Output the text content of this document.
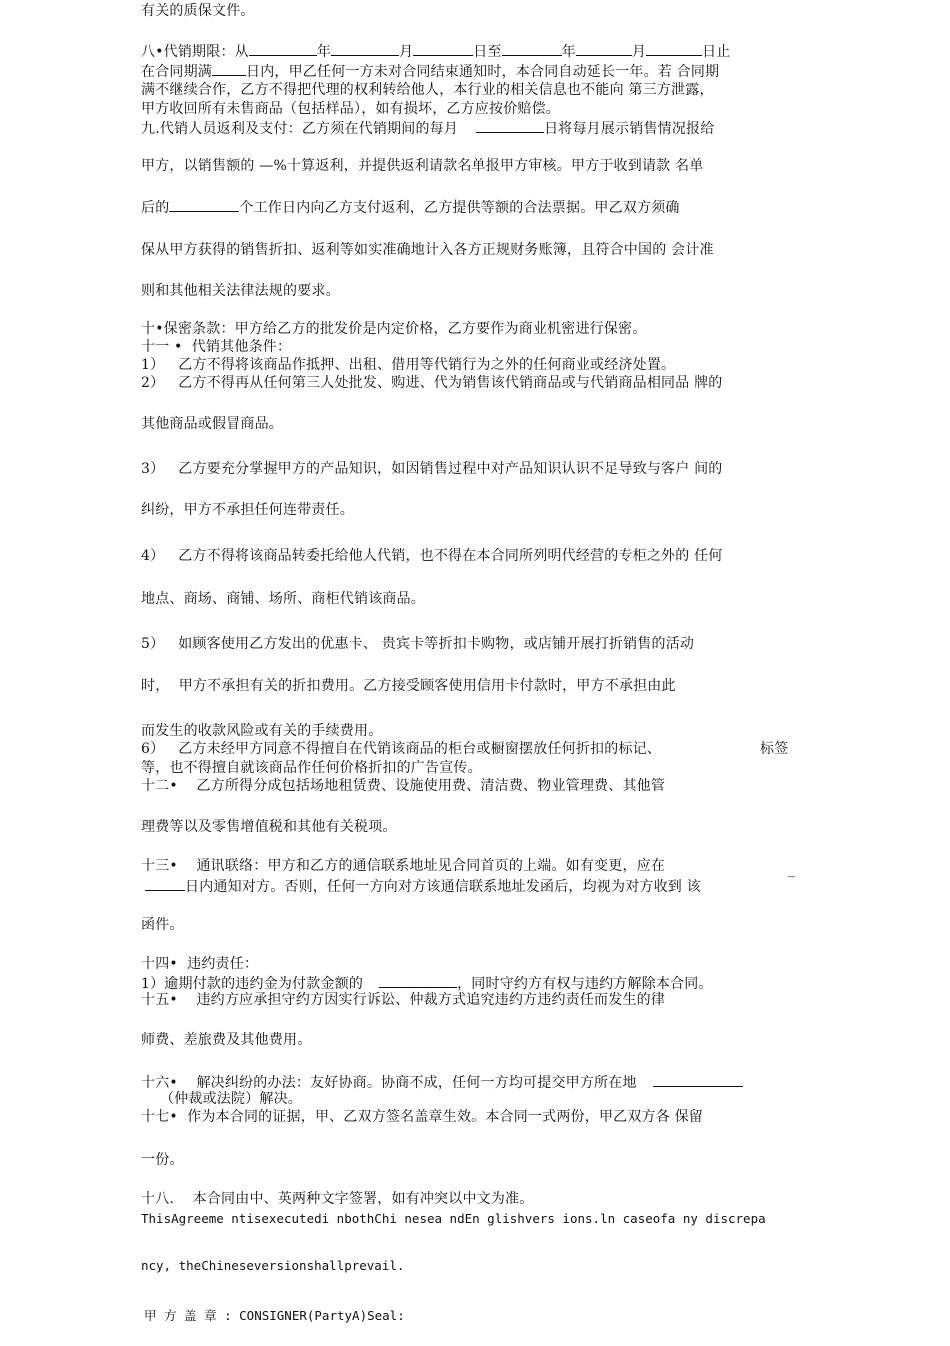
有关的质保文件。
八•代销期限：从	年	月	日至	年	月	日止
在合同期满 日内，甲乙任何一方未对合同结束通知时，本合同自动延长一年。若 合同期
满不继续合作，乙方不得把代理的权利转给他人，本行业的相关信息也不能向 第三方泄露，
甲方收回所有未售商品（包括样品），如有损坏，乙方应按价赔偿。
九.代销人员返利及支付：乙方须在代销期间的每月	日将每月展示销售情况报给
甲方，以销售额的 —%十算返利，并提供返利请款名单报甲方审核。甲方于收到请款 名单
后的	个工作日内向乙方支付返利，乙方提供等额的合法票据。甲乙双方须确
保从甲方获得的销售折扣、返利等如实准确地计入各方正规财务账簿，且符合中国的 会计准
则和其他相关法律法规的要求。
十•保密条款：甲方给乙方的批发价是内定价格，乙方要作为商业机密进行保密。
十一 •  代销其他条件：
1）   乙方不得将该商品作抵押、出租、借用等代销行为之外的任何商业或经济处置。
2）   乙方不得再从任何第三人处批发、购进、代为销售该代销商品或与代销商品相同品 牌的
其他商品或假冒商品。
3）   乙方要充分掌握甲方的产品知识，如因销售过程中对产品知识认识不足导致与客户 间的
纠纷，甲方不承担任何连带责任。
4）   乙方不得将该商品转委托给他人代销，也不得在本合同所列明代经营的专柜之外的 任何
地点、商场、商铺、场所、商柜代销该商品。
5）   如顾客使用乙方发出的优惠卡、 贵宾卡等折扣卡购物，或店铺开展打折销售的活动
时，  甲方不承担有关的折扣费用。乙方接受顾客使用信用卡付款时，甲方不承担由此
而发生的收款风险或有关的手续费用。
6）   乙方未经甲方同意不得擅自在代销该商品的柜台或橱窗摆放任何折扣的标记、	标签
等，也不得擅自就该商品作任何价格折扣的广告宣传。
十二•    乙方所得分成包括场地租赁费、设施使用费、清洁费、物业管理费、其他管
理费等以及零售增值税和其他有关税项。
十三•    通讯联络：甲方和乙方的通信联系地址见合同首页的上端。如有变更，应在	_
日内通知对方。否则，任何一方向对方该通信联系地址发函后，均视为对方收到 该
函件。
十四•  违约责任：
1）逾期付款的违约金为付款金额的	，同时守约方有权与违约方解除本合同。
十五•    违约方应承担守约方因实行诉讼、仲裁方式追究违约方违约责任而发生的律
师费、差旅费及其他费用。
十六•    解决纠纷的办法：友好协商。协商不成，任何一方均可提交甲方所在地
（仲裁或法院）解决。
十七•  作为本合同的证据，甲、乙双方签名盖章生效。本合同一式两份，甲乙双方各 保留
一份。
十八.    本合同由中、英两种文字签署，如有冲突以中文为准。
ThisAgreeme ntisexecutedi nbothChi nesea ndEn glishvers ions.ln caseofa ny discrepa
ncy, theChineseversionshallprevail.
甲 方 盖 章 : CONSIGNER(PartyA)Seal:
